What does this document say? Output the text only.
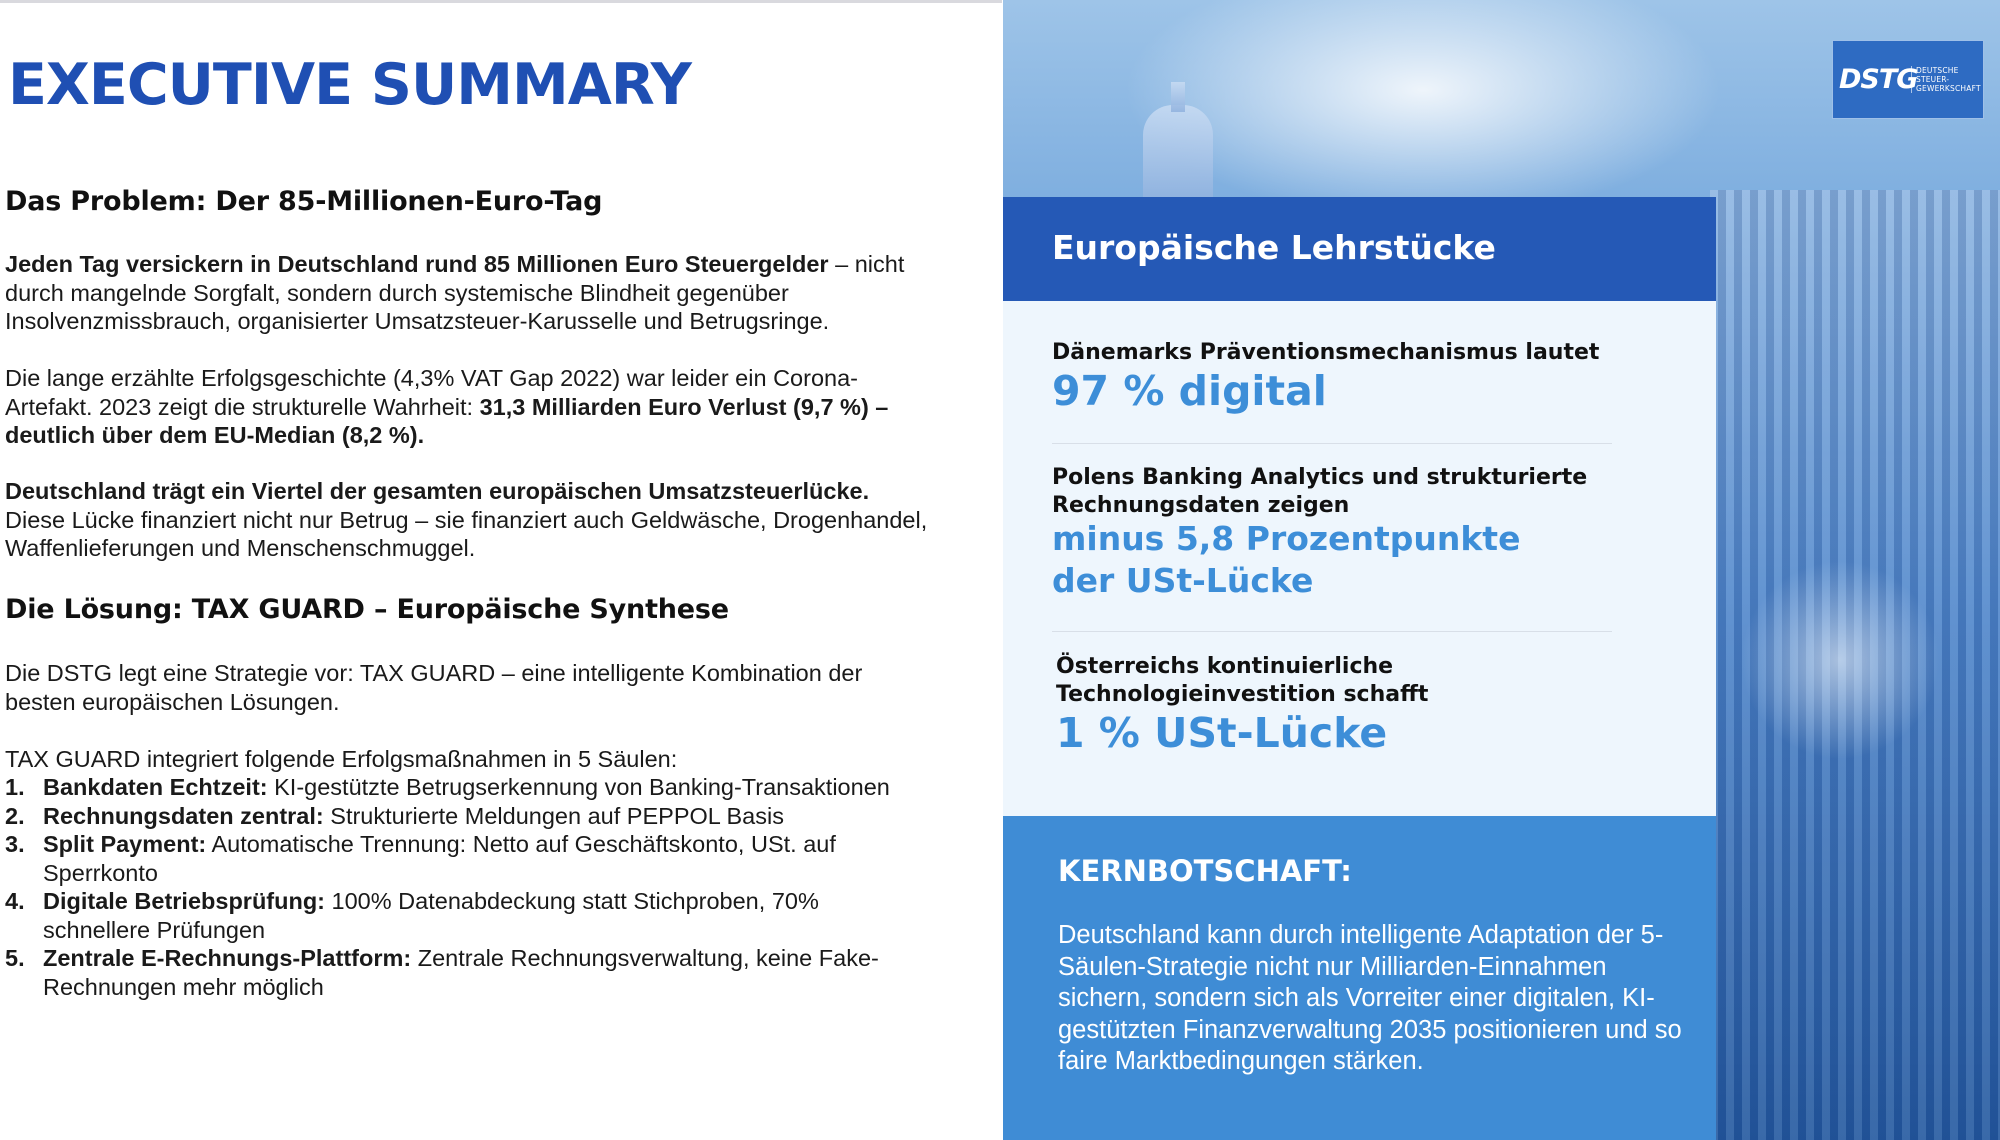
EXECUTIVE SUMMARY
Das Problem: Der 85-Millionen-Euro-Tag

Jeden Tag versickern in Deutschland rund 85 Millionen Euro Steuergelder – nicht durch mangelnde Sorgfalt, sondern durch systemische Blindheit gegenüber Insolvenzmissbrauch, organisierter Umsatzsteuer-Karusselle und Betrugsringe.

Die lange erzählte Erfolgsgeschichte (4,3% VAT Gap 2022) war leider ein Corona-Artefakt. 2023 zeigt die strukturelle Wahrheit: 31,3 Milliarden Euro Verlust (9,7 %) – deutlich über dem EU-Median (8,2 %).

Deutschland trägt ein Viertel der gesamten europäischen Umsatzsteuerlücke. Diese Lücke finanziert nicht nur Betrug – sie finanziert auch Geldwäsche, Drogenhandel, Waffenlieferungen und Menschenschmuggel.

Die Lösung: TAX GUARD – Europäische Synthese

Die DSTG legt eine Strategie vor: TAX GUARD – eine intelligente Kombination der besten europäischen Lösungen.

TAX GUARD integriert folgende Erfolgsmaßnahmen in 5 Säulen:

1. Bankdaten Echtzeit: KI-gestützte Betrugserkennung von Banking-Transaktionen
2. Rechnungsdaten zentral: Strukturierte Meldungen auf PEPPOL Basis
3. Split Payment: Automatische Trennung: Netto auf Geschäftskonto, USt. auf Sperrkonto
4. Digitale Betriebsprüfung: 100% Datenabdeckung statt Stichproben, 70% schnellere Prüfungen
5. Zentrale E-Rechnungs-Plattform: Zentrale Rechnungsverwaltung, keine Fake-Rechnungen mehr möglich
DSTG
DEUTSCHE
STEUER-
GEWERKSCHAFT
Europäische Lehrstücke

Dänemarks Präventionsmechanismus lautet

97 % digital

Polens Banking Analytics und strukturierte Rechnungsdaten zeigen

minus 5,8 Prozentpunkte der USt-Lücke

Österreichs kontinuierliche Technologieinvestition schafft

1 % USt-Lücke

KERNBOTSCHAFT:

Deutschland kann durch intelligente Adaptation der 5-Säulen-Strategie nicht nur Milliarden-Einnahmen sichern, sondern sich als Vorreiter einer digitalen, KI-gestützten Finanzverwaltung 2035 positionieren und so faire Marktbedingungen stärken.
